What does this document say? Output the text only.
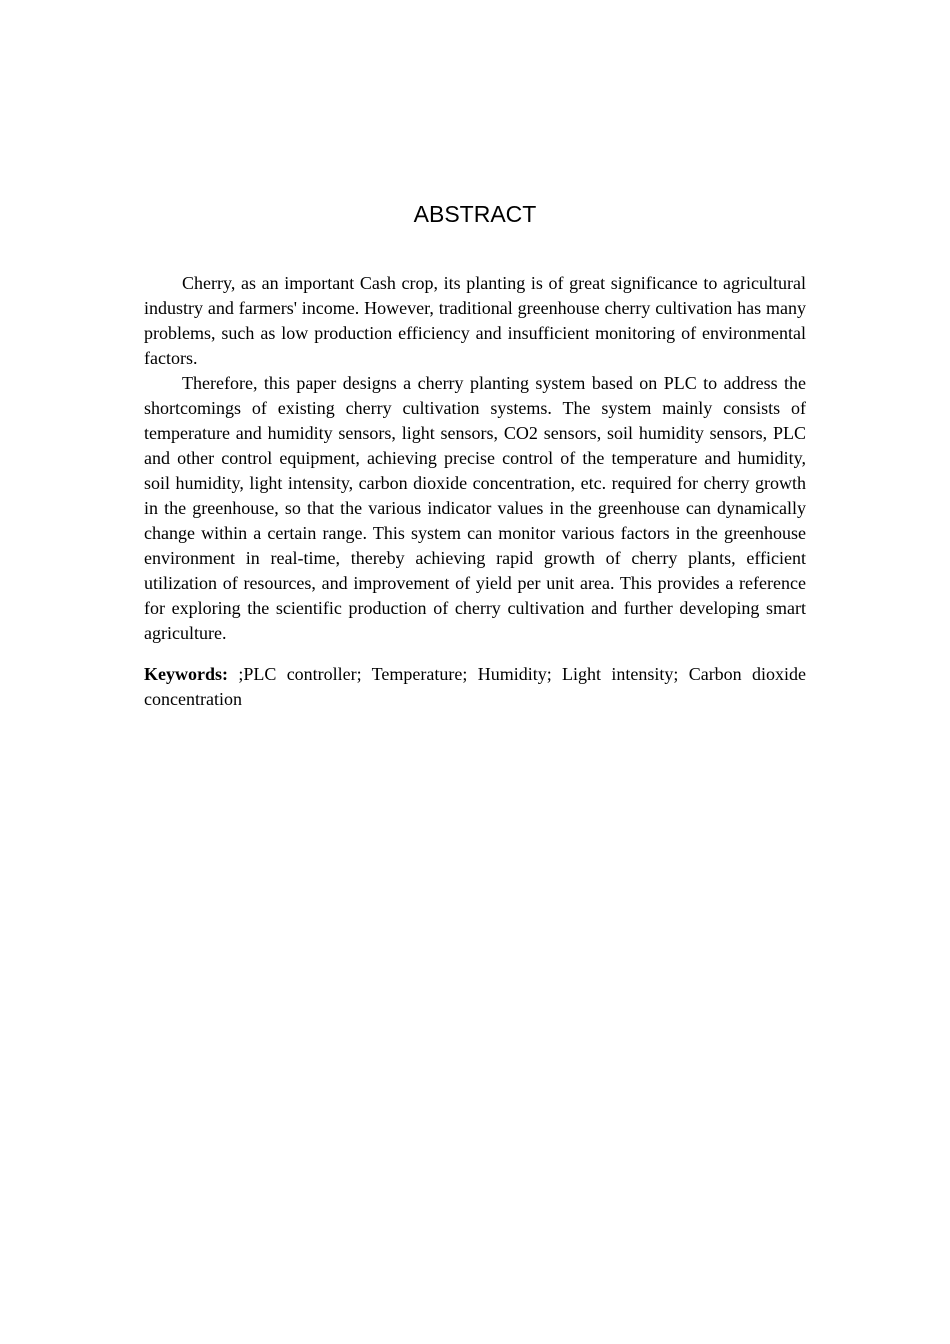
ABSTRACT

Cherry, as an important Cash crop, its planting is of great significance to agricultural industry and farmers' income. However, traditional greenhouse cherry cultivation has many problems, such as low production efficiency and insufficient monitoring of environmental factors.

Therefore, this paper designs a cherry planting system based on PLC to address the shortcomings of existing cherry cultivation systems. The system mainly consists of temperature and humidity sensors, light sensors, CO2 sensors, soil humidity sensors, PLC and other control equipment, achieving precise control of the temperature and humidity, soil humidity, light intensity, carbon dioxide concentration, etc. required for cherry growth in the greenhouse, so that the various indicator values in the greenhouse can dynamically change within a certain range. This system can monitor various factors in the greenhouse environment in real-time, thereby achieving rapid growth of cherry plants, efficient utilization of resources, and improvement of yield per unit area. This provides a reference for exploring the scientific production of cherry cultivation and further developing smart agriculture.

Keywords: ;PLC controller; Temperature; Humidity; Light intensity; Carbon dioxide concentration
